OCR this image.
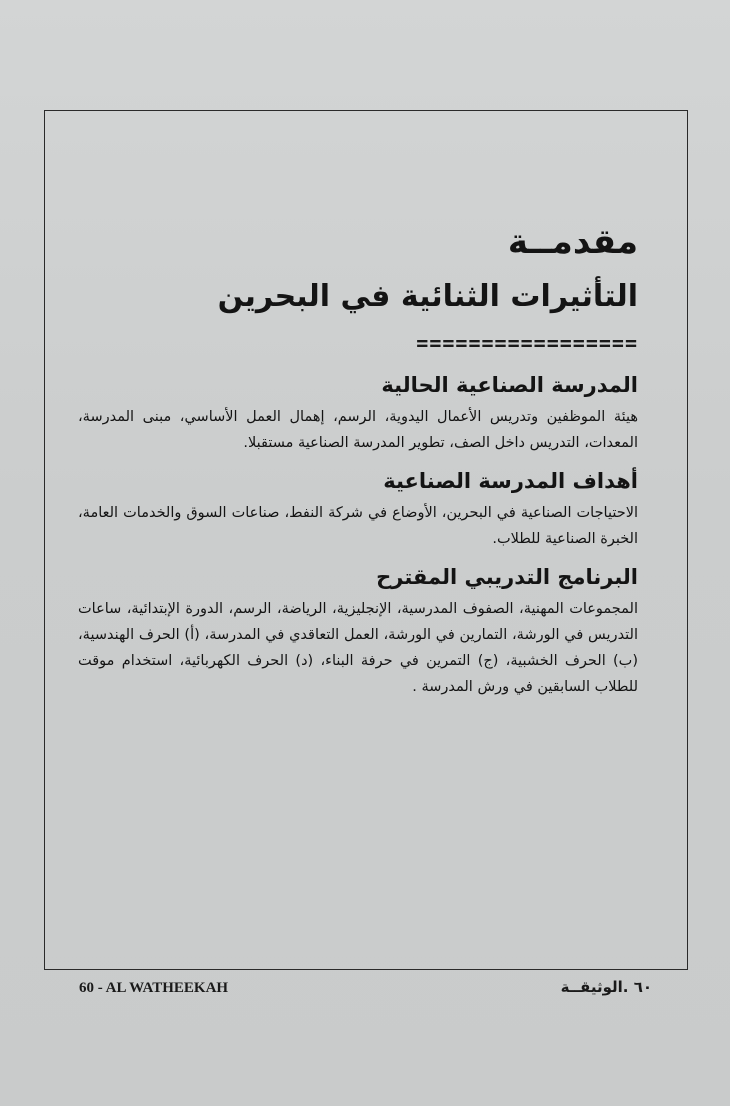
مقدمــة
التأثيرات الثنائية في البحرين
=================
المدرسة الصناعية الحالية

هيئة الموظفين وتدريس الأعمال اليدوية، الرسم، إهمال العمل الأساسي، مبنى المدرسة، المعدات، التدريس داخل الصف، تطوير المدرسة الصناعية مستقبلا.

أهداف المدرسة الصناعية

الاحتياجات الصناعية في البحرين، الأوضاع في شركة النفط، صناعات السوق والخدمات العامة، الخبرة الصناعية للطلاب.

البرنامج التدريبي المقترح

المجموعات المهنية، الصفوف المدرسية، الإنجليزية، الرياضة، الرسم، الدورة الإبتدائية، ساعات التدريس في الورشة، التمارين في الورشة، العمل التعاقدي في المدرسة، (أ) الحرف الهندسية، (ب) الحرف الخشبية، (ج) التمرين في حرفة البناء، (د) الحرف الكهربائية، استخدام موقت للطلاب السابقين في ورش المدرسة .

60 - AL WATHEEKAH	٦٠ .الوثيقــة
